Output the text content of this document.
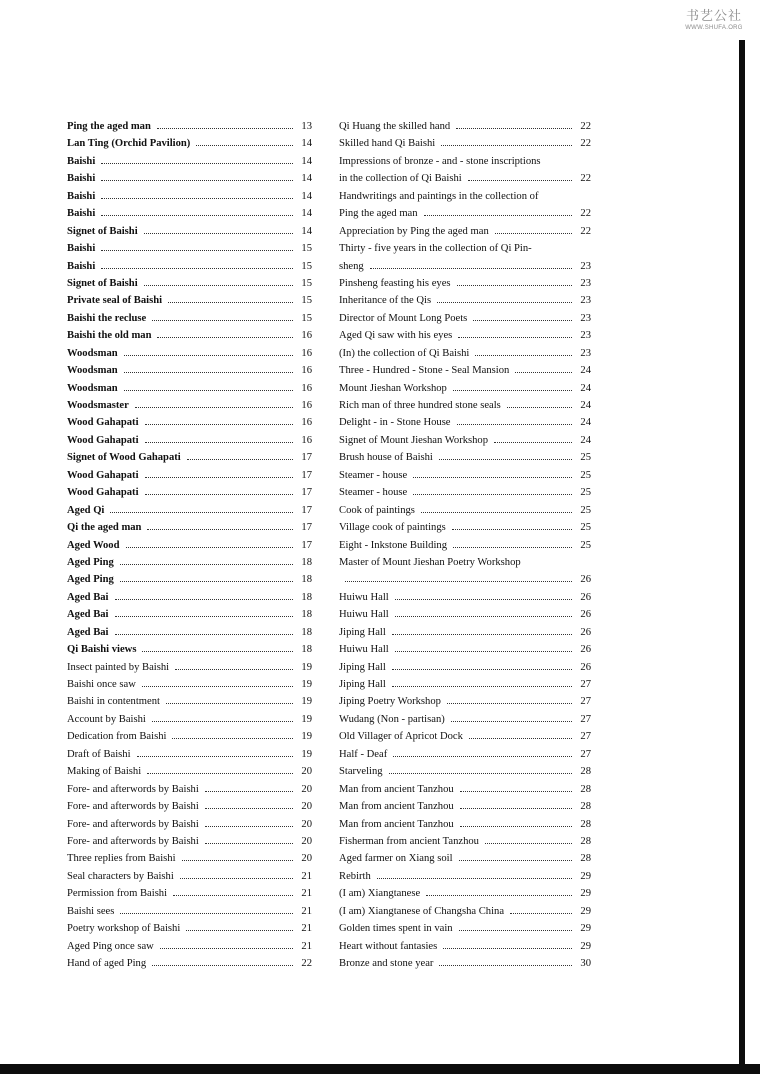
书艺公社
WWW.SHUFA.ORG
Ping the aged man	13
Lan Ting (Orchid Pavilion)	14
Baishi	14
Baishi	14
Baishi	14
Baishi	14
Signet of Baishi	14
Baishi	15
Baishi	15
Signet of Baishi	15
Private seal of Baishi	15
Baishi the recluse	15
Baishi the old man	16
Woodsman	16
Woodsman	16
Woodsman	16
Woodsmaster	16
Wood Gahapati	16
Wood Gahapati	16
Signet of Wood Gahapati	17
Wood Gahapati	17
Wood Gahapati	17
Aged Qi	17
Qi the aged man	17
Aged Wood	17
Aged Ping	18
Aged Ping	18
Aged Bai	18
Aged Bai	18
Aged Bai	18
Qi Baishi views	18
Insect painted by Baishi	19
Baishi once saw	19
Baishi in contentment	19
Account by Baishi	19
Dedication from Baishi	19
Draft of Baishi	19
Making of Baishi	20
Fore- and afterwords by Baishi	20
Fore- and afterwords by Baishi	20
Fore- and afterwords by Baishi	20
Fore- and afterwords by Baishi	20
Three replies from Baishi	20
Seal characters by Baishi	21
Permission from Baishi	21
Baishi sees	21
Poetry workshop of Baishi	21
Aged Ping once saw	21
Hand of aged Ping	22
Qi Huang the skilled hand	22
Skilled hand Qi Baishi	22
Impressions of bronze - and - stone inscriptions
in the collection of Qi Baishi	22
Handwritings and paintings in the collection of
Ping the aged man	22
Appreciation by Ping the aged man	22
Thirty - five years in the collection of Qi Pin-
sheng	23
Pinsheng feasting his eyes	23
Inheritance of the Qis	23
Director of Mount Long Poets	23
Aged Qi saw with his eyes	23
(In) the collection of Qi Baishi	23
Three - Hundred - Stone - Seal Mansion	24
Mount Jieshan Workshop	24
Rich man of three hundred stone seals	24
Delight - in - Stone House	24
Signet of Mount Jieshan Workshop	24
Brush house of Baishi	25
Steamer - house	25
Steamer - house	25
Cook of paintings	25
Village cook of paintings	25
Eight - Inkstone Building	25
Master of Mount Jieshan Poetry Workshop
26
Huiwu Hall	26
Huiwu Hall	26
Jiping Hall	26
Huiwu Hall	26
Jiping Hall	26
Jiping Hall	27
Jiping Poetry Workshop	27
Wudang (Non - partisan)	27
Old Villager of Apricot Dock	27
Half - Deaf	27
Starveling	28
Man from ancient Tanzhou	28
Man from ancient Tanzhou	28
Man from ancient Tanzhou	28
Fisherman from ancient Tanzhou	28
Aged farmer on Xiang soil	28
Rebirth	29
(I am) Xiangtanese	29
(I am) Xiangtanese of Changsha China	29
Golden times spent in vain	29
Heart without fantasies	29
Bronze and stone year	30
